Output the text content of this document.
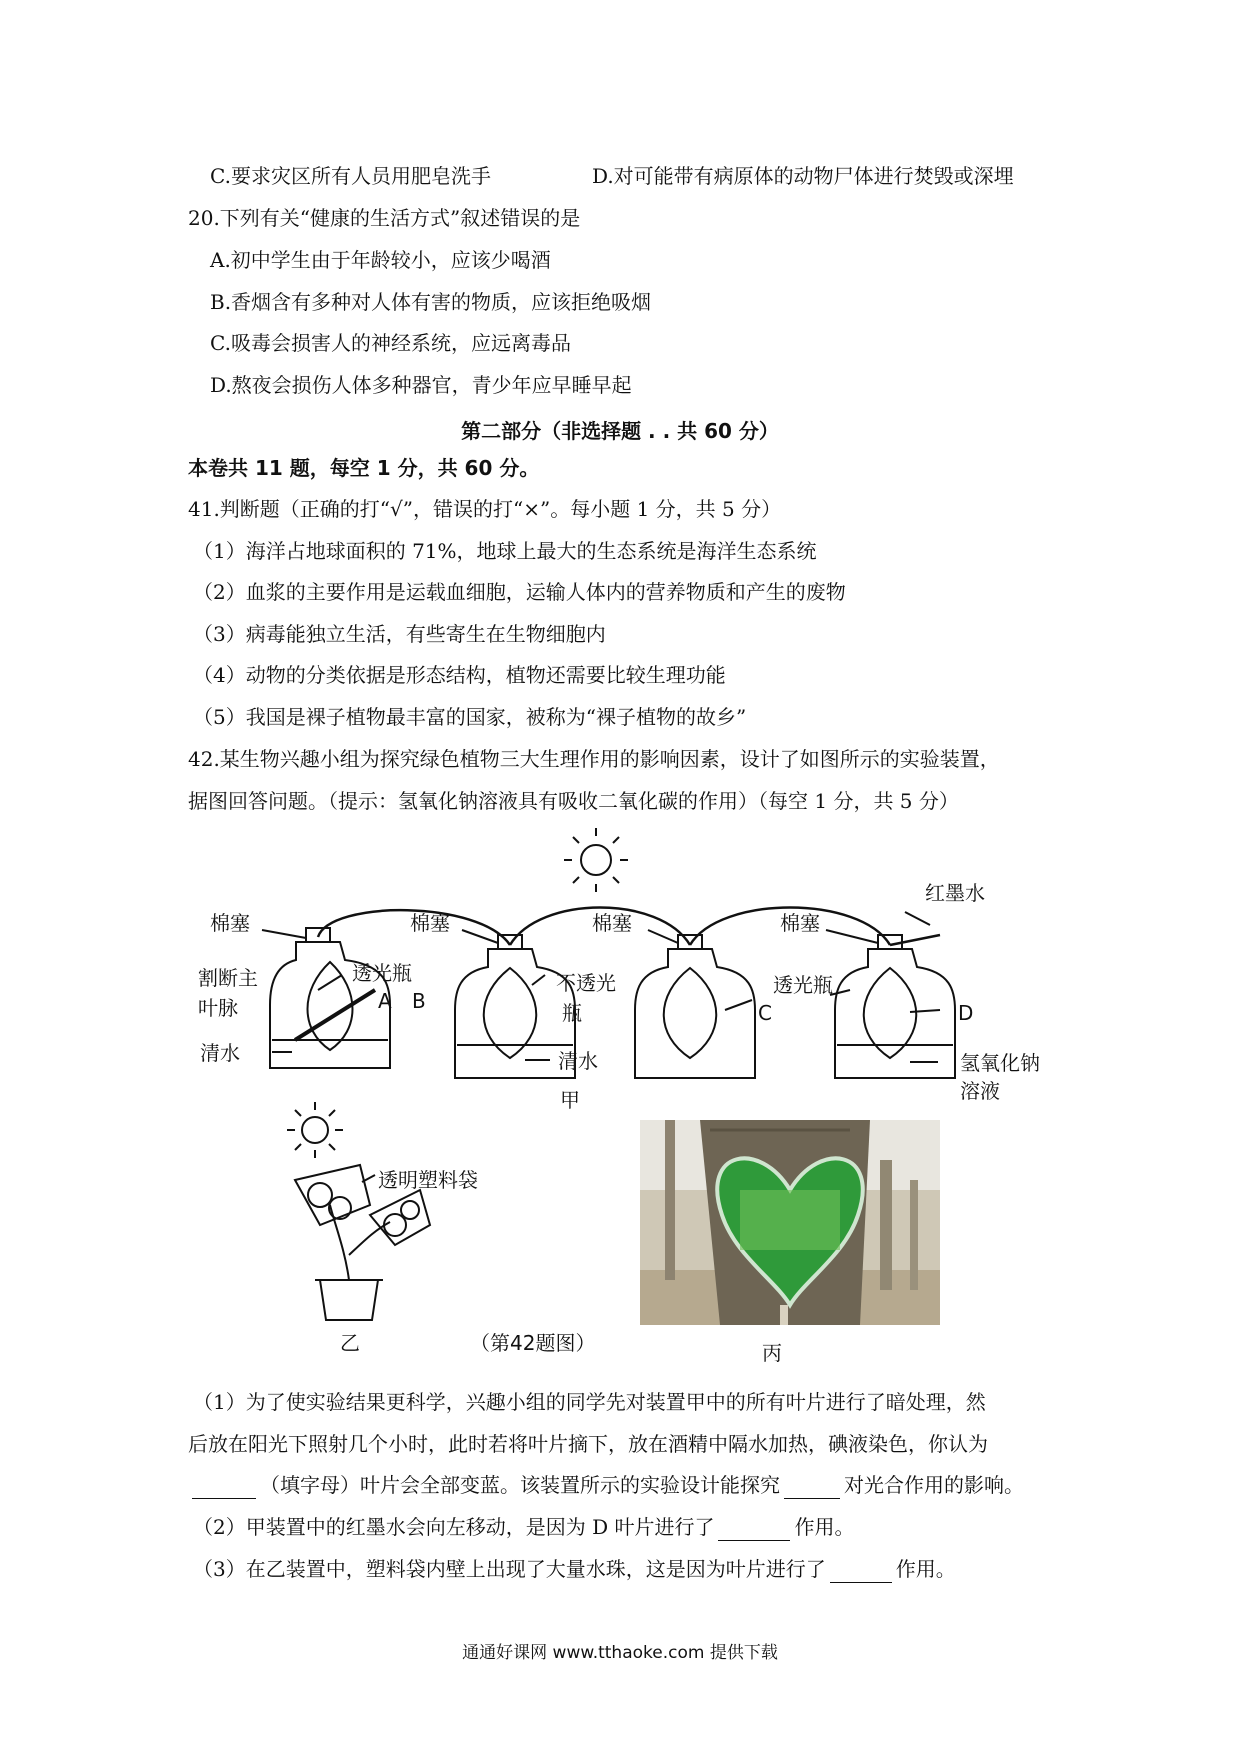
C.要求灾区所有人员用肥皂洗手	D.对可能带有病原体的动物尸体进行焚毁或深埋
20.下列有关“健康的生活方式”叙述错误的是
A.初中学生由于年龄较小，应该少喝酒
B.香烟含有多种对人体有害的物质，应该拒绝吸烟
C.吸毒会损害人的神经系统，应远离毒品
D.熬夜会损伤人体多种器官，青少年应早睡早起
第二部分（非选择题 . . 共 60 分）
本卷共 11 题，每空 1 分，共 60 分。
41.判断题（正确的打“√”，错误的打“×”。每小题 1 分，共 5 分）
（1）海洋占地球面积的 71%，地球上最大的生态系统是海洋生态系统
（2）血浆的主要作用是运载血细胞，运输人体内的营养物质和产生的废物
（3）病毒能独立生活，有些寄生在生物细胞内
（4）动物的分类依据是形态结构，植物还需要比较生理功能
（5）我国是裸子植物最丰富的国家，被称为“裸子植物的故乡”
42.某生物兴趣小组为探究绿色植物三大生理作用的影响因素，设计了如图所示的实验装置，
据图回答问题。（提示：氢氧化钠溶液具有吸收二氧化碳的作用）（每空 1 分，共 5 分）
棉塞	棉塞	棉塞	棉塞
红墨水
割断主
叶脉
透光瓶
A B
不透光
瓶	C
透光瓶
D
清水	清水	氢氧化钠
溶液
甲
透明塑料袋
乙	（第42题图）	丙
（1）为了使实验结果更科学，兴趣小组的同学先对装置甲中的所有叶片进行了暗处理，然
后放在阳光下照射几个小时，此时若将叶片摘下，放在酒精中隔水加热，碘液染色，你认为
（填字母）叶片会全部变蓝。该装置所示的实验设计能探究	对光合作用的影响。
（2）甲装置中的红墨水会向左移动，是因为 D 叶片进行了	作用。
（3）在乙装置中，塑料袋内壁上出现了大量水珠，这是因为叶片进行了	作用。
通通好课网 www.tthaoke.com 提供下载
